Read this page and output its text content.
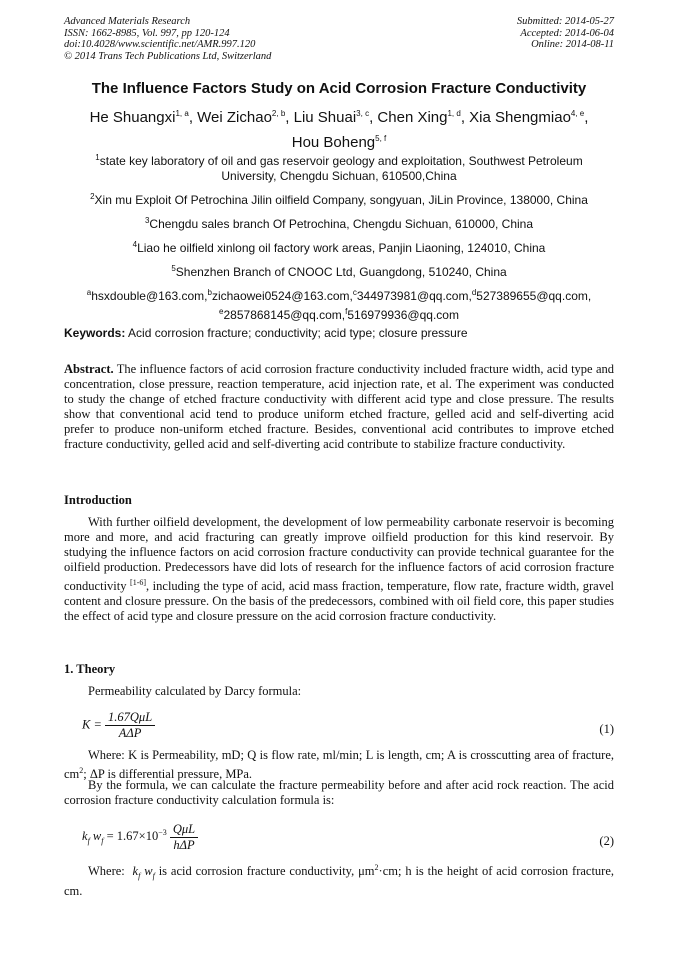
Advanced Materials Research
ISSN: 1662-8985, Vol. 997, pp 120-124
doi:10.4028/www.scientific.net/AMR.997.120
© 2014 Trans Tech Publications Ltd, Switzerland
Submitted: 2014-05-27
Accepted: 2014-06-04
Online: 2014-08-11
The Influence Factors Study on Acid Corrosion Fracture Conductivity
He Shuangxi$^{1, a}$, Wei Zichao$^{2, b}$, Liu Shuai$^{3, c}$, Chen Xing$^{1, d}$, Xia Shengmiao$^{4, e}$,
Hou Boheng$^{5, f}$
$^1$state key laboratory of oil and gas reservoir geology and exploitation, Southwest Petroleum University, Chengdu Sichuan, 610500,China
$^2$Xin mu Exploit Of Petrochina Jilin oilfield Company, songyuan, JiLin Province, 138000, China
$^3$Chengdu sales branch Of Petrochina, Chengdu Sichuan, 610000, China
$^4$Liao he oilfield xinlong oil factory work areas, Panjin Liaoning, 124010, China
$^5$Shenzhen Branch of CNOOC Ltd, Guangdong, 510240, China
$^a$hsxdouble@163.com,$^b$zichaowei0524@163.com,$^c$344973981@qq.com,$^d$527389655@qq.com,
$^e$2857868145@qq.com,$^f$516979936@qq.com
Keywords: Acid corrosion fracture; conductivity; acid type; closure pressure
Abstract. The influence factors of acid corrosion fracture conductivity included fracture width, acid type and concentration, close pressure, reaction temperature, acid injection rate, et al. The experiment was conducted to study the change of etched fracture conductivity with different acid type and close pressure. The results show that conventional acid tend to produce uniform etched fracture, gelled acid and self-diverting acid prefer to produce non-uniform etched fracture. Besides, conventional acid contributes to improve etched fracture conductivity, gelled acid and self-diverting acid contribute to stabilize fracture conductivity.
Introduction
With further oilfield development, the development of low permeability carbonate reservoir is becoming more and more, and acid fracturing can greatly improve oilfield production for this kind reservoir. By studying the influence factors on acid corrosion fracture conductivity can provide technical guarantee for the oilfield production. Predecessors have did lots of research for the influence factors of acid corrosion fracture conductivity [1-6], including the type of acid, acid mass fraction, temperature, flow rate, fracture width, gravel content and closure pressure. On the basis of the predecessors, combined with oil field core, this paper studies the effect of acid type and closure pressure on the acid corrosion fracture conductivity.
1. Theory
Permeability calculated by Darcy formula:
$K = \frac{\text{1.67QμL}}{\text{AΔP}}$	(1)
Where: K is Permeability, mD; Q is flow rate, ml/min; L is length, cm; A is crosscutting area of fracture, $cm^2$; ΔP is differential pressure, MPa.
By the formula, we can calculate the fracture permeability before and after acid rock reaction. The acid corrosion fracture conductivity calculation formula is:
$k_f$ $w_f = 1.67\times 10^{-3} \frac{\text{QμL}}{\text{hΔP}}$	(2)
Where: $k_f$ $w_f$ is acid corrosion fracture conductivity, $\mu m^2\cdot cm$; h is the height of acid corrosion fracture, cm.
